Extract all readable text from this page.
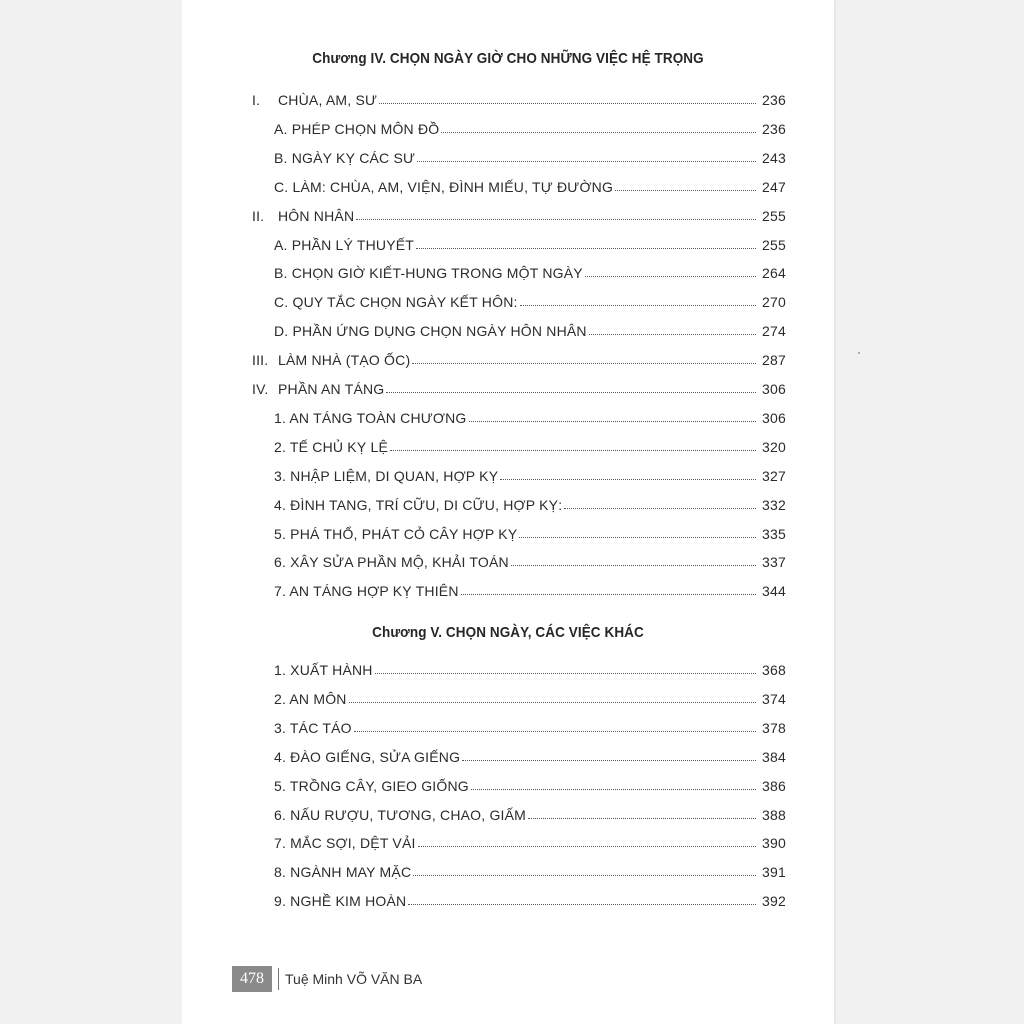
Chương IV. CHỌN NGÀY GIỜ CHO NHỮNG VIỆC HỆ TRỌNG
I.	CHÙA, AM, SƯ	236
A. PHÉP CHỌN MÔN ĐỒ	236
B. NGÀY KỴ CÁC SƯ	243
C. LÀM: CHÙA, AM, VIỆN, ĐÌNH MIẾU, TỰ ĐƯỜNG	247
II. HÔN NHÂN	255
A. PHẦN LÝ THUYẾT	255
B. CHỌN GIỜ KIẾT-HUNG TRONG MỘT NGÀY	264
C. QUY TẮC CHỌN NGÀY KẾT HÔN:	270
D. PHẦN ỨNG DỤNG CHỌN NGÀY HÔN NHÂN	274
III. LÀM NHÀ (TẠO ỐC)	287
IV. PHẦN AN TÁNG	306
1. AN TÁNG TOÀN CHƯƠNG	306
2. TẾ CHỦ KỴ LỆ	320
3. NHẬP LIỆM, DI QUAN, HỢP KỴ	327
4. ĐÌNH TANG, TRÍ CỮU, DI CỮU, HỢP KỴ:	332
5. PHÁ THỔ, PHÁT CỎ CÂY HỢP KỴ	335
6. XÂY SỬA PHẦN MỘ, KHẢI TOÁN	337
7. AN TÁNG HỢP KỴ THIÊN	344
Chương V. CHỌN NGÀY, CÁC VIỆC KHÁC
1. XUẤT HÀNH	368
2. AN MÔN	374
3. TÁC TÁO	378
4. ĐÀO GIẾNG, SỬA GIẾNG	384
5. TRỒNG CÂY, GIEO GIỐNG	386
6. NẤU RƯỢU, TƯƠNG, CHAO, GIẤM	388
7. MẮC SỢI, DỆT VẢI	390
8. NGÀNH MAY MẶC	391
9. NGHỀ KIM HOÀN	392
478	Tuệ Minh VÕ VĂN BA
